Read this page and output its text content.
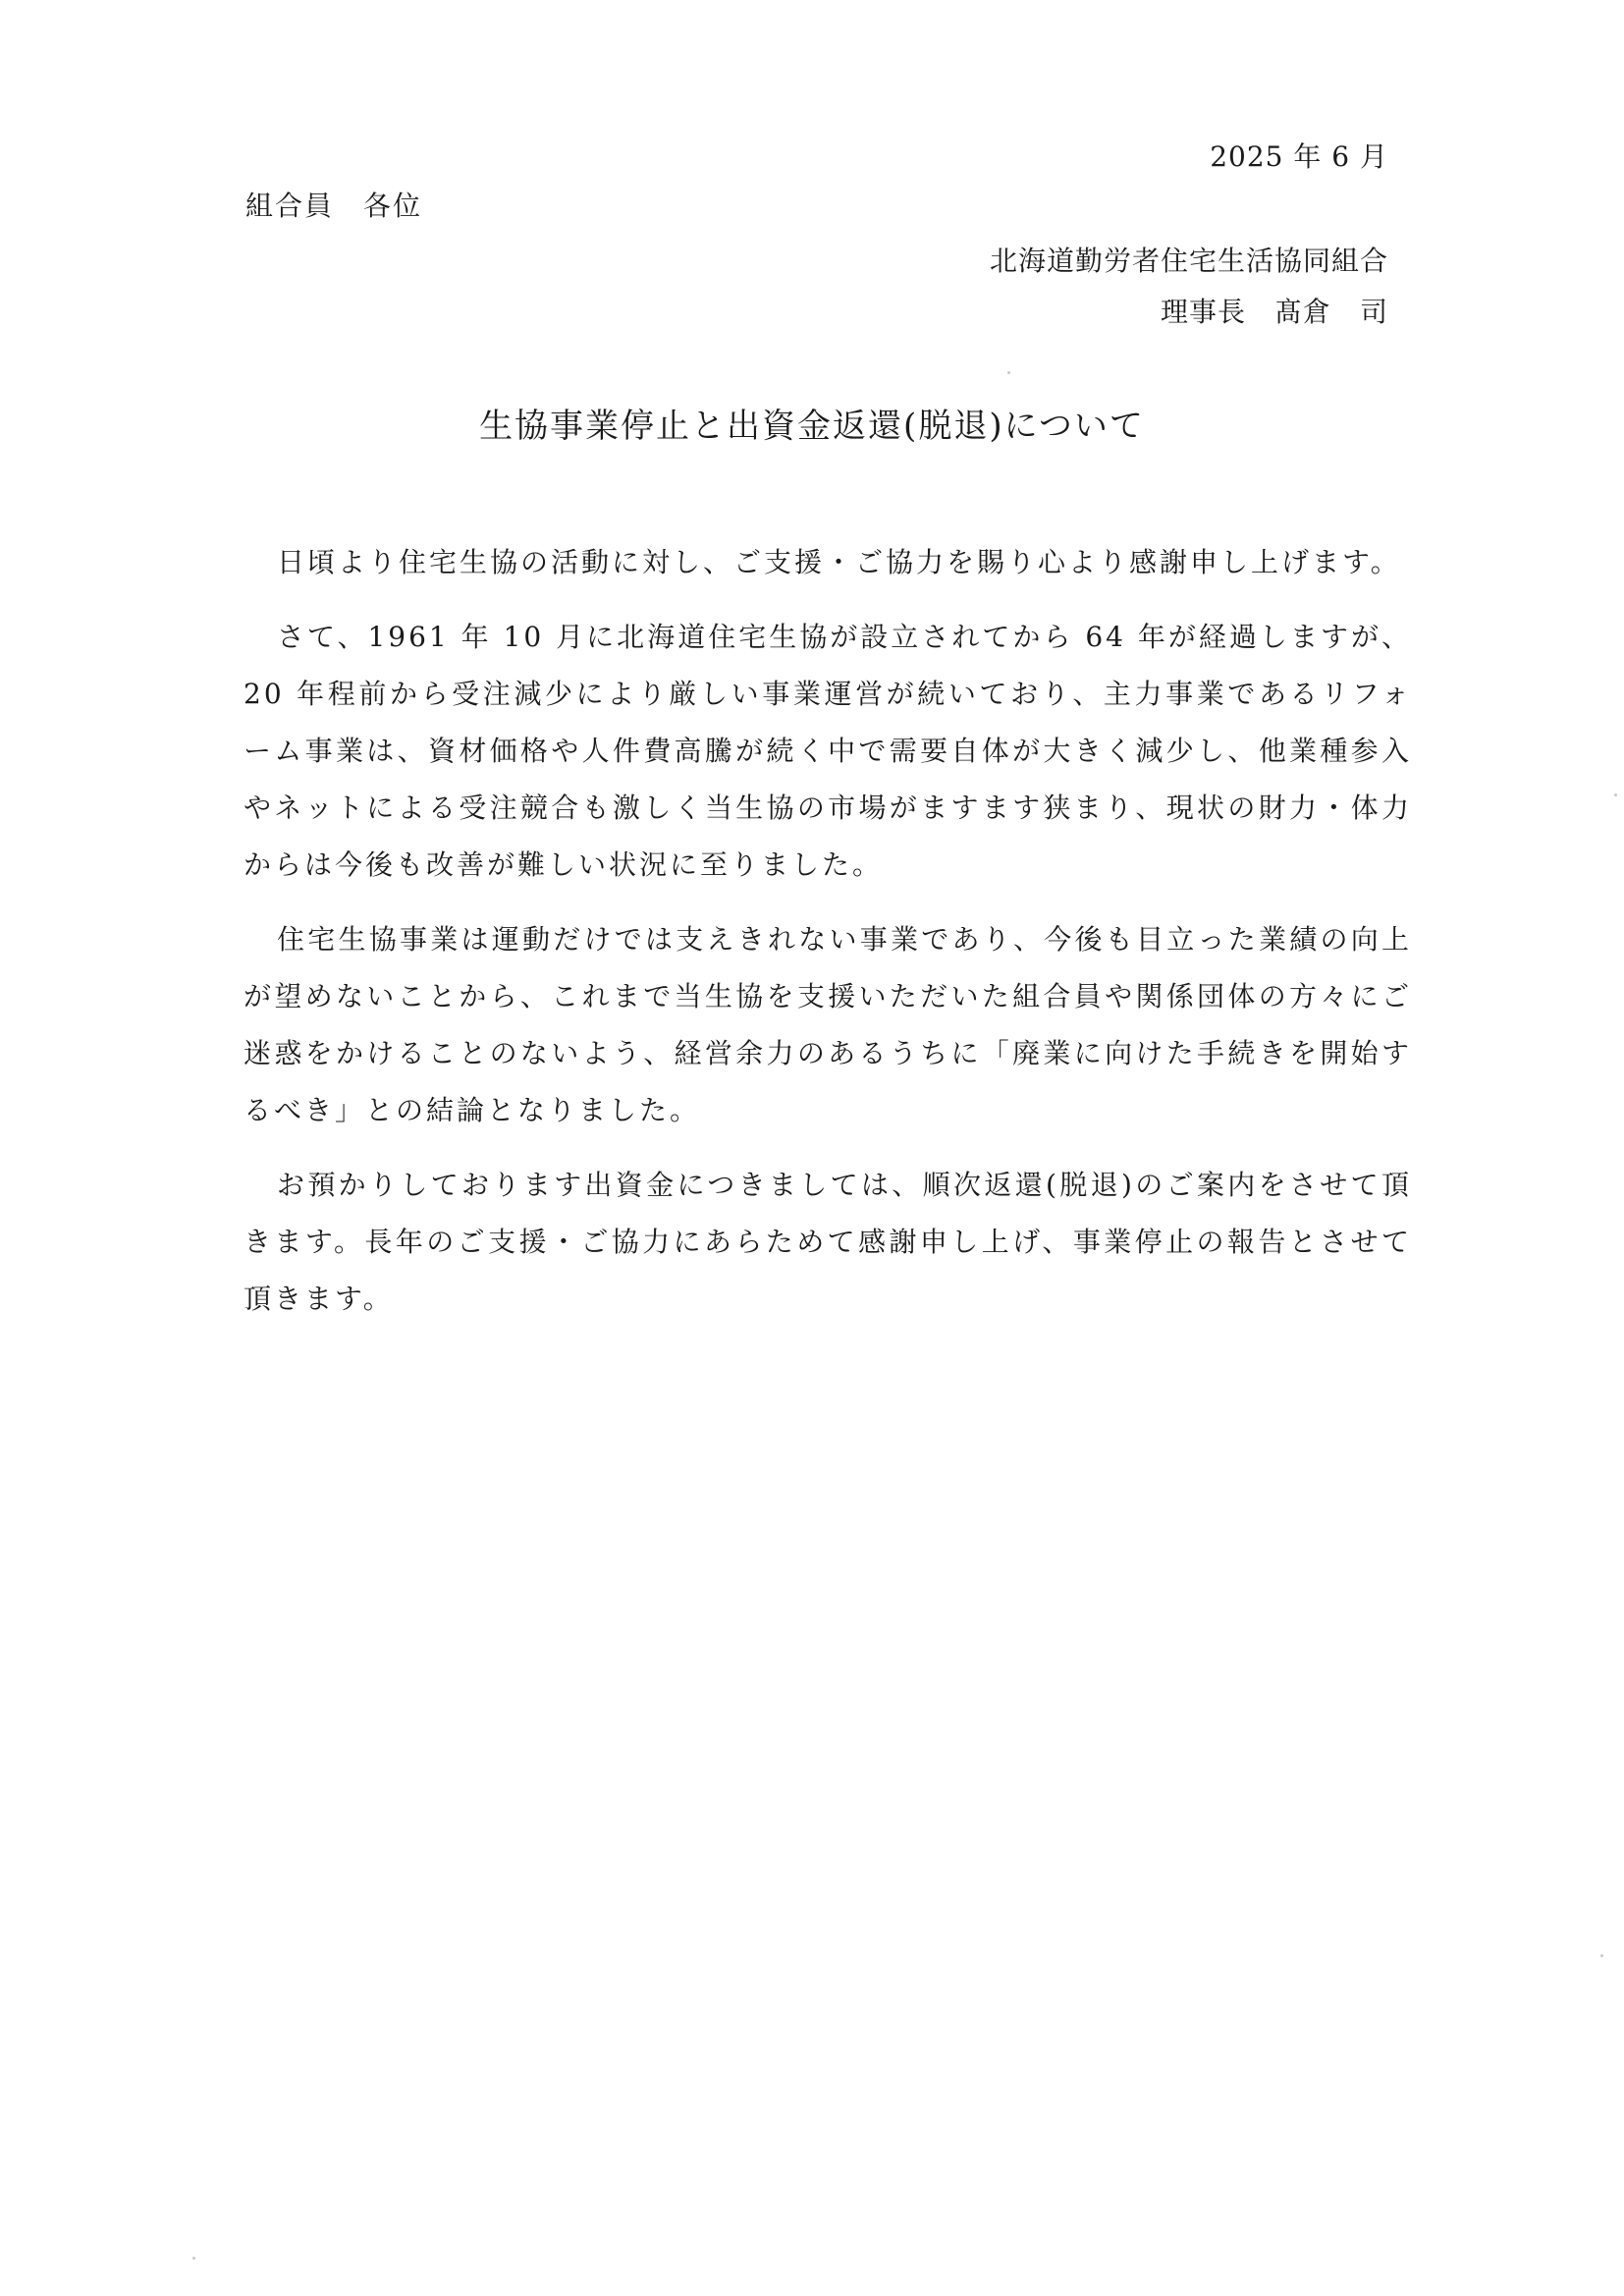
2025 年 6 月
組合員　各位
北海道勤労者住宅生活協同組合
理事長　髙倉　司
生協事業停止と出資金返還(脱退)について

日頃より住宅生協の活動に対し、ご支援・ご協力を賜り心より感謝申し上げます。

さて、1961 年 10 月に北海道住宅生協が設立されてから 64 年が経過しますが、20 年程前から受注減少により厳しい事業運営が続いており、主力事業であるリフォーム事業は、資材価格や人件費高騰が続く中で需要自体が大きく減少し、他業種参入やネットによる受注競合も激しく当生協の市場がますます狭まり、現状の財力・体力からは今後も改善が難しい状況に至りました。

住宅生協事業は運動だけでは支えきれない事業であり、今後も目立った業績の向上が望めないことから、これまで当生協を支援いただいた組合員や関係団体の方々にご迷惑をかけることのないよう、経営余力のあるうちに「廃業に向けた手続きを開始するべき」との結論となりました。

お預かりしております出資金につきましては、順次返還(脱退)のご案内をさせて頂きます。長年のご支援・ご協力にあらためて感謝申し上げ、事業停止の報告とさせて頂きます。
